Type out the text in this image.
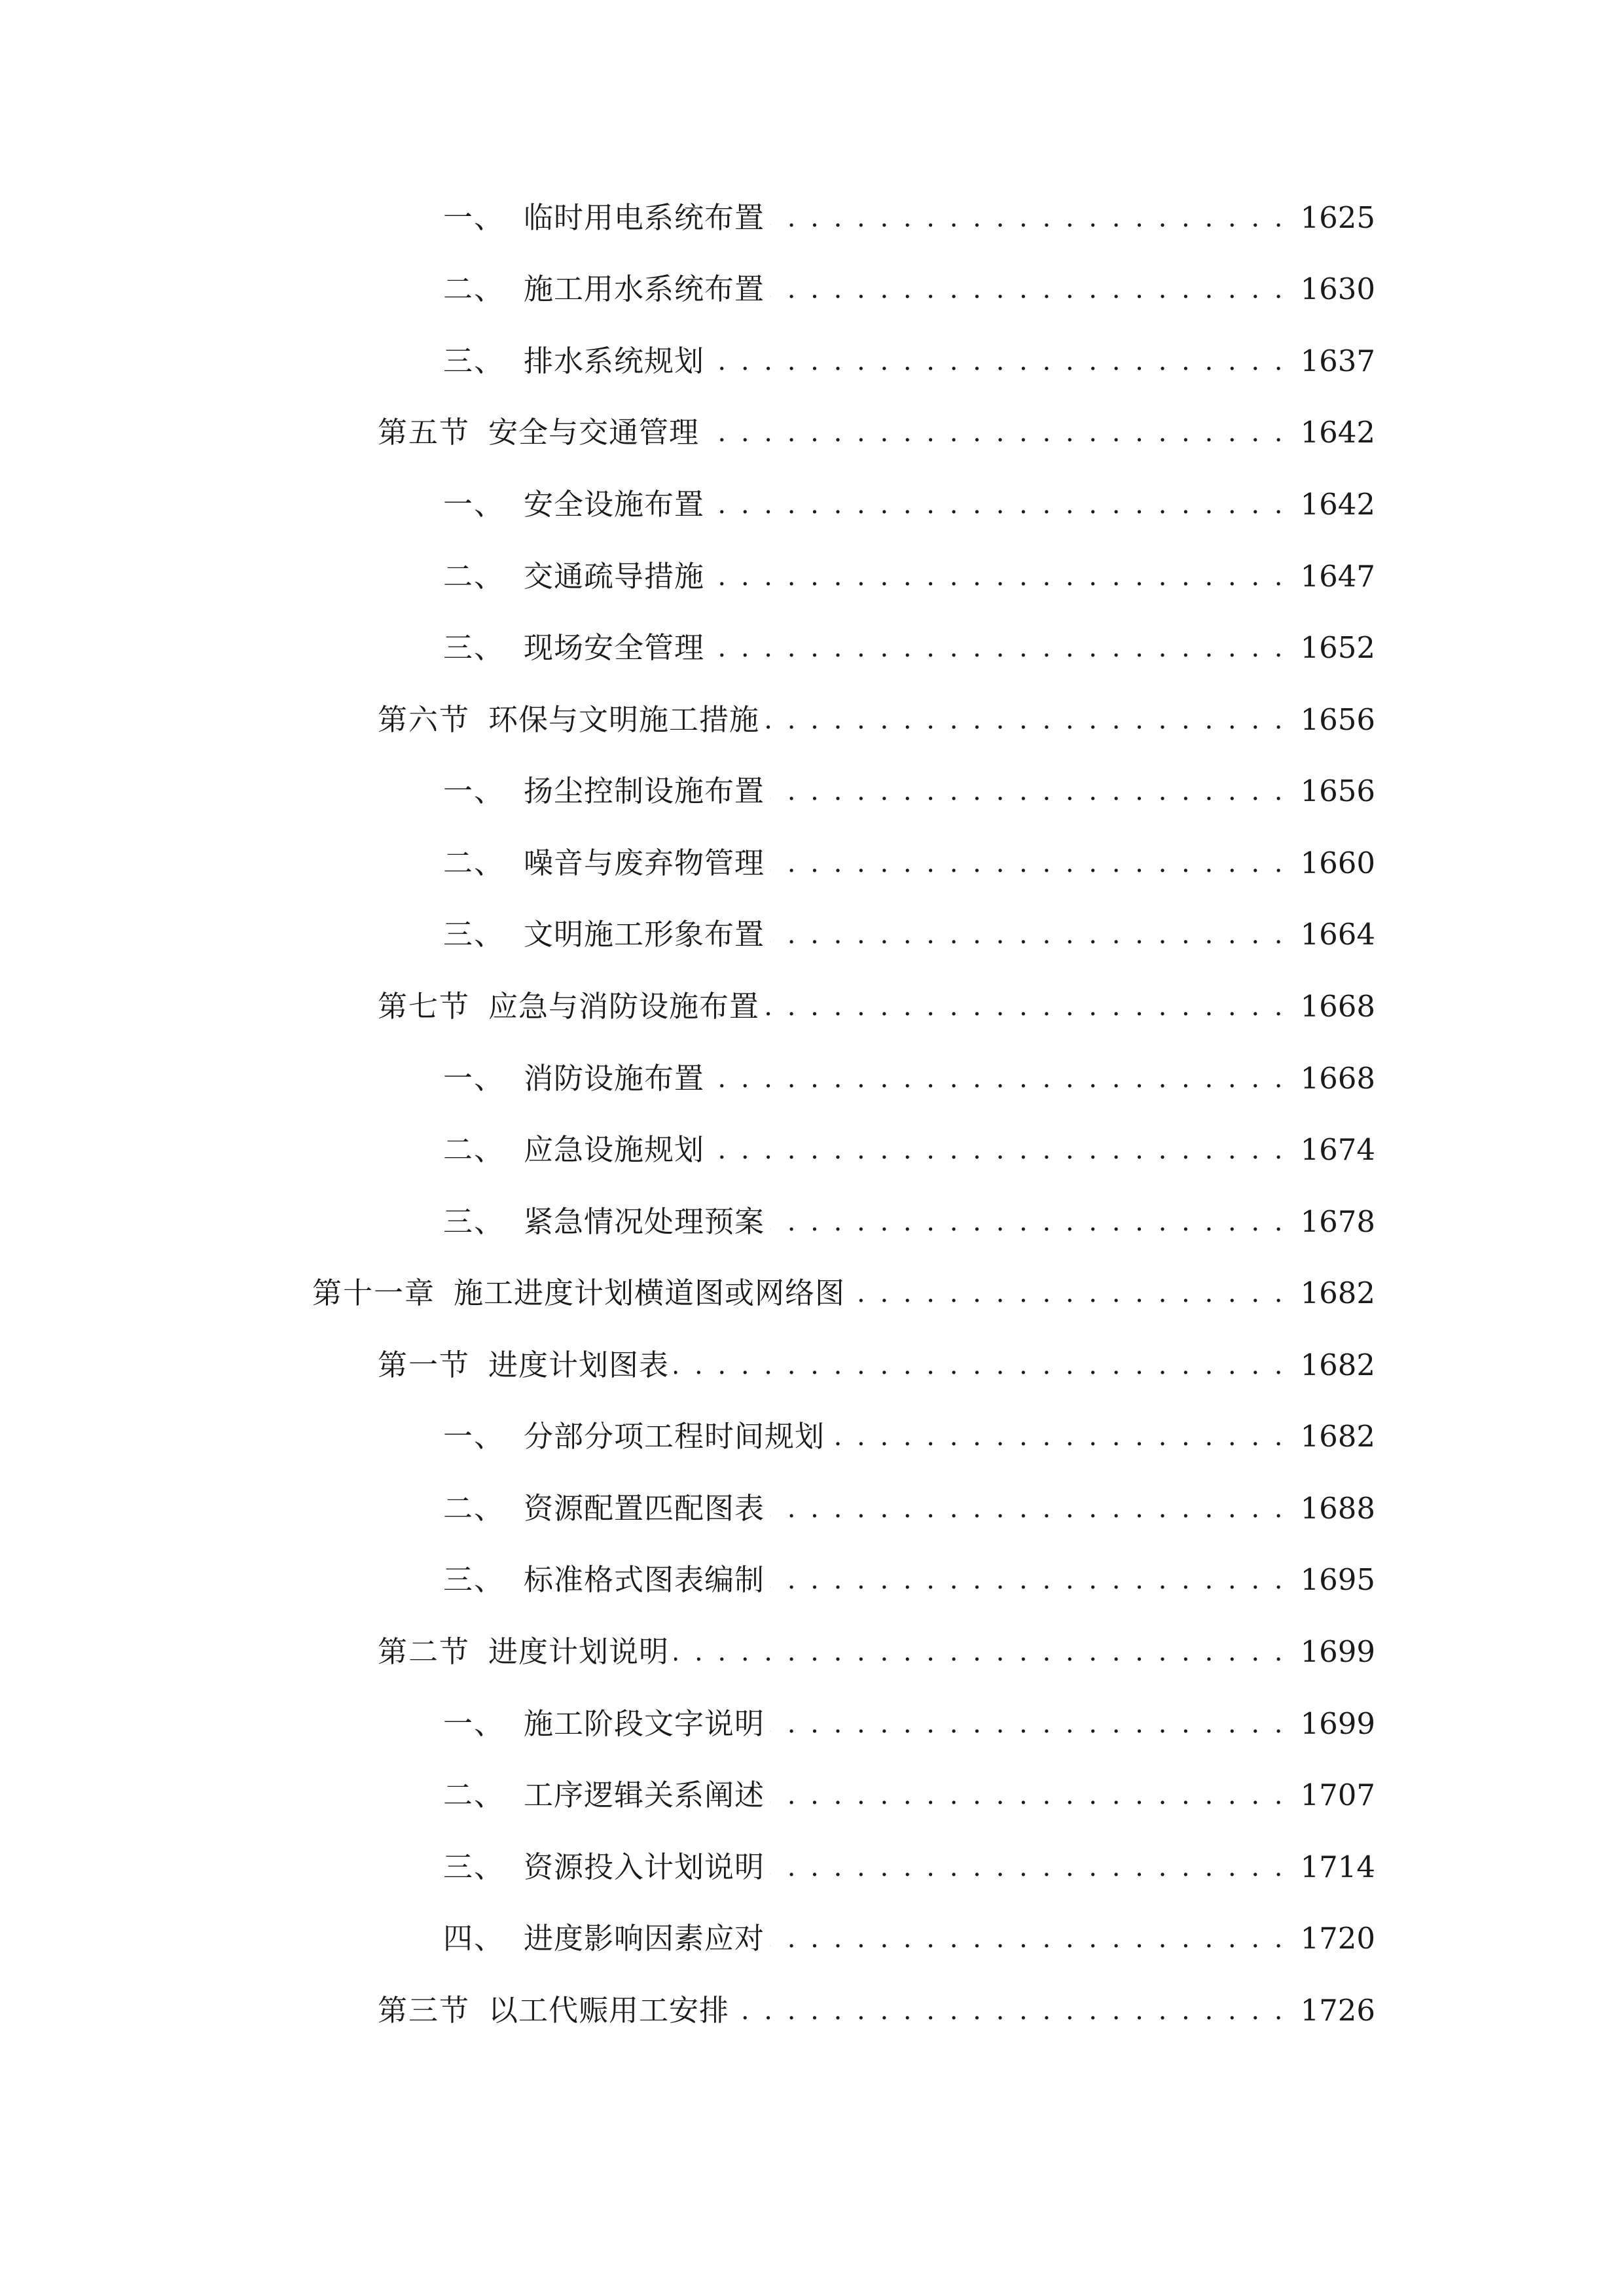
一、 临时用电系统布置 . . .	1625
二、 施工用水系统布置 . . .	1630
三、 排水系统规划 . . .	1637
第五节 安全与交通管理 . . .	1642
一、 安全设施布置 . . .	1642
二、 交通疏导措施 . . .	1647
三、 现场安全管理 . . .	1652
第六节 环保与文明施工措施 . . .	1656
一、 扬尘控制设施布置 . . .	1656
二、 噪音与废弃物管理 . . .	1660
三、 文明施工形象布置 . . .	1664
第七节 应急与消防设施布置 . . .	1668
一、 消防设施布置 . . .	1668
二、 应急设施规划 . . .	1674
三、 紧急情况处理预案 . . .	1678
第十一章 施工进度计划横道图或网络图 . . .	1682
第一节 进度计划图表 . . .	1682
一、 分部分项工程时间规划 . . .	1682
二、 资源配置匹配图表 . . .	1688
三、 标准格式图表编制 . . .	1695
第二节 进度计划说明 . . .	1699
一、 施工阶段文字说明 . . .	1699
二、 工序逻辑关系阐述 . . .	1707
三、 资源投入计划说明 . . .	1714
四、 进度影响因素应对 . . .	1720
第三节 以工代赈用工安排 . . .	1726
